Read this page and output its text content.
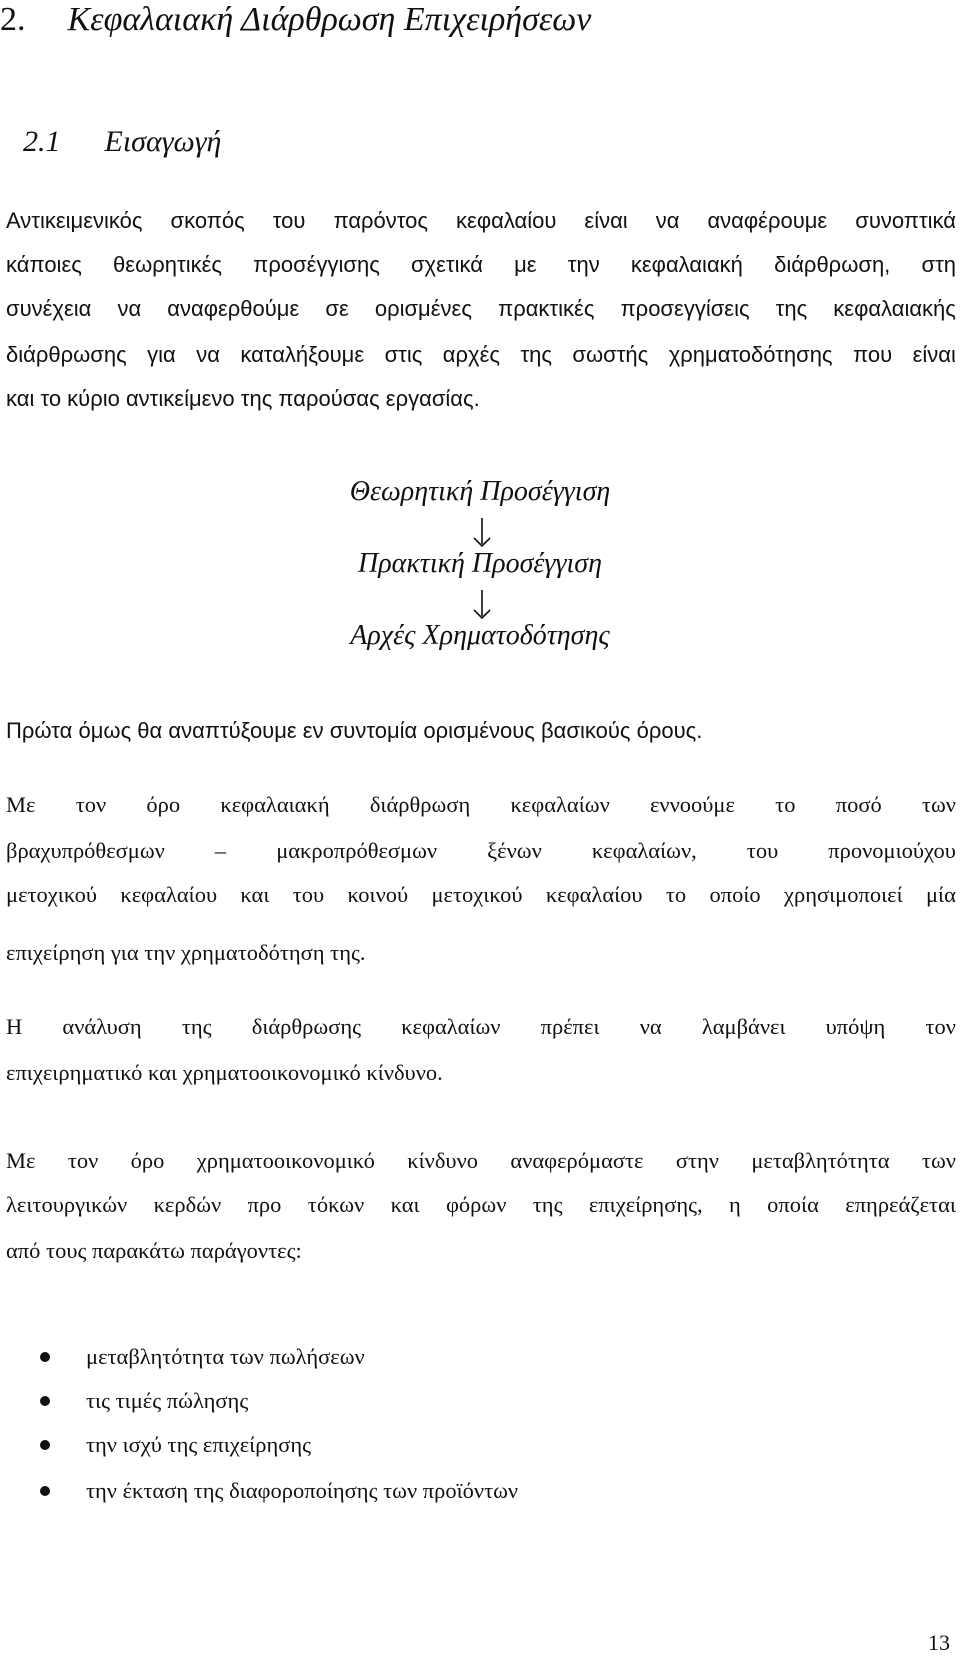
2. Κεφαλαιακή Διάρθρωση Επιχειρήσεων
2.1 Εισαγωγή
Αντικειμενικός σκοπός του παρόντος κεφαλαίου είναι να αναφέρουμε συνοπτικά
κάποιες θεωρητικές προσέγγισης σχετικά με την κεφαλαιακή διάρθρωση, στη
συνέχεια να αναφερθούμε σε ορισμένες πρακτικές προσεγγίσεις της κεφαλαιακής
διάρθρωσης για να καταλήξουμε στις αρχές της σωστής χρηματοδότησης που είναι
και το κύριο αντικείμενο της παρούσας εργασίας.
Θεωρητική Προσέγγιση
Πρακτική Προσέγγιση
Αρχές Χρηματοδότησης
Πρώτα όμως θα αναπτύξουμε εν συντομία ορισμένους βασικούς όρους.
Με τον όρο κεφαλαιακή διάρθρωση κεφαλαίων εννοούμε το ποσό των
βραχυπρόθεσμων – μακροπρόθεσμων ξένων κεφαλαίων, του προνομιούχου
μετοχικού κεφαλαίου και του κοινού μετοχικού κεφαλαίου το οποίο χρησιμοποιεί μία
επιχείρηση για την χρηματοδότηση της.
Η ανάλυση της διάρθρωσης κεφαλαίων πρέπει να λαμβάνει υπόψη τον
επιχειρηματικό και χρηματοοικονομικό κίνδυνο.
Με τον όρο χρηματοοικονομικό κίνδυνο αναφερόμαστε στην μεταβλητότητα των
λειτουργικών κερδών προ τόκων και φόρων της επιχείρησης, η οποία επηρεάζεται
από τους παρακάτω παράγοντες:
μεταβλητότητα των πωλήσεων
τις τιμές πώλησης
την ισχύ της επιχείρησης
την έκταση της διαφοροποίησης των προϊόντων
13
